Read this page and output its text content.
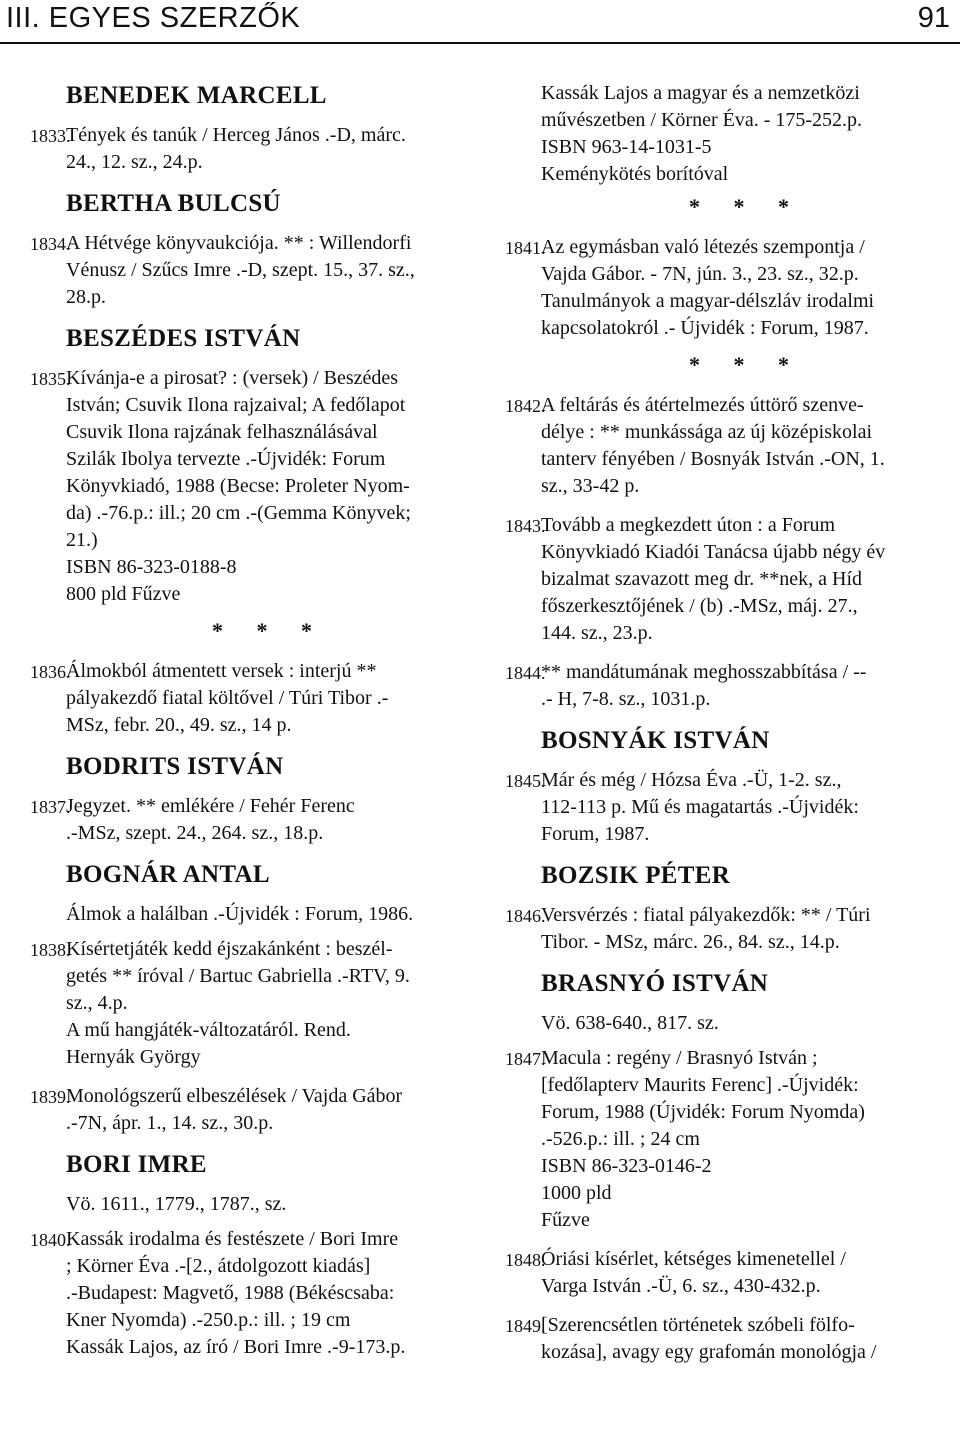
III. EGYES SZERZŐK	91
BENEDEK MARCELL
1833.
Tények és tanúk / Herceg János .-D, márc.
24., 12. sz., 24.p.
BERTHA BULCSÚ
1834.
A Hétvége könyvaukciója. ** : Willendorfi
Vénusz / Szűcs Imre .-D, szept. 15., 37. sz.,
28.p.
BESZÉDES ISTVÁN
1835.
Kívánja-e a pirosat? : (versek) / Beszédes
István; Csuvik Ilona rajzaival; A fedőlapot
Csuvik Ilona rajzának felhasználásával
Szilák Ibolya tervezte .-Újvidék: Forum
Könyvkiadó, 1988 (Becse: Proleter Nyom-
da) .-76.p.: ill.; 20 cm .-(Gemma Könyvek;
21.)
ISBN 86-323-0188-8
800 pld Fűzve
* * *
1836.
Álmokból átmentett versek : interjú **
pályakezdő fiatal költővel / Túri Tibor .-
MSz, febr. 20., 49. sz., 14 p.
BODRITS ISTVÁN
1837.
Jegyzet. ** emlékére / Fehér Ferenc
.-MSz, szept. 24., 264. sz., 18.p.
BOGNÁR ANTAL
Álmok a halálban .-Újvidék : Forum, 1986.
1838.
Kísértetjáték kedd éjszakánként : beszél-
getés ** íróval / Bartuc Gabriella .-RTV, 9.
sz., 4.p.
A mű hangjáték-változatáról. Rend.
Hernyák György
1839.
Monológszerű elbeszélések / Vajda Gábor
.-7N, ápr. 1., 14. sz., 30.p.
BORI IMRE
Vö. 1611., 1779., 1787., sz.
1840.
Kassák irodalma és festészete / Bori Imre
; Körner Éva .-[2., átdolgozott kiadás]
.-Budapest: Magvető, 1988 (Békéscsaba:
Kner Nyomda) .-250.p.: ill. ; 19 cm
Kassák Lajos, az író / Bori Imre .-9-173.p.
Kassák Lajos a magyar és a nemzetközi
művészetben / Körner Éva. - 175-252.p.
ISBN 963-14-1031-5
Keménykötés borítóval
* * *
1841.
Az egymásban való létezés szempontja /
Vajda Gábor. - 7N, jún. 3., 23. sz., 32.p.
Tanulmányok a magyar-délszláv irodalmi
kapcsolatokról .- Újvidék : Forum, 1987.
* * *
1842.
A feltárás és átértelmezés úttörő szenve-
délye : ** munkássága az új középiskolai
tanterv fényében / Bosnyák István .-ON, 1.
sz., 33-42 p.
1843.
Tovább a megkezdett úton : a Forum
Könyvkiadó Kiadói Tanácsa újabb négy év
bizalmat szavazott meg dr. **nek, a Híd
főszerkesztőjének / (b) .-MSz, máj. 27.,
144. sz., 23.p.
1844.
** mandátumának meghosszabbítása / --
.- H, 7-8. sz., 1031.p.
BOSNYÁK ISTVÁN
1845.
Már és még / Hózsa Éva .-Ü, 1-2. sz.,
112-113 p. Mű és magatartás .-Újvidék:
Forum, 1987.
BOZSIK PÉTER
1846.
Versvérzés : fiatal pályakezdők: ** / Túri
Tibor. - MSz, márc. 26., 84. sz., 14.p.
BRASNYÓ ISTVÁN
Vö. 638-640., 817. sz.
1847.
Macula : regény / Brasnyó István ;
[fedőlapterv Maurits Ferenc] .-Újvidék:
Forum, 1988 (Újvidék: Forum Nyomda)
.-526.p.: ill. ; 24 cm
ISBN 86-323-0146-2
1000 pld
Fűzve
1848.
Óriási kísérlet, kétséges kimenetellel /
Varga István .-Ü, 6. sz., 430-432.p.
1849.
[Szerencsétlen történetek szóbeli fölfo-
kozása], avagy egy grafomán monológja /
